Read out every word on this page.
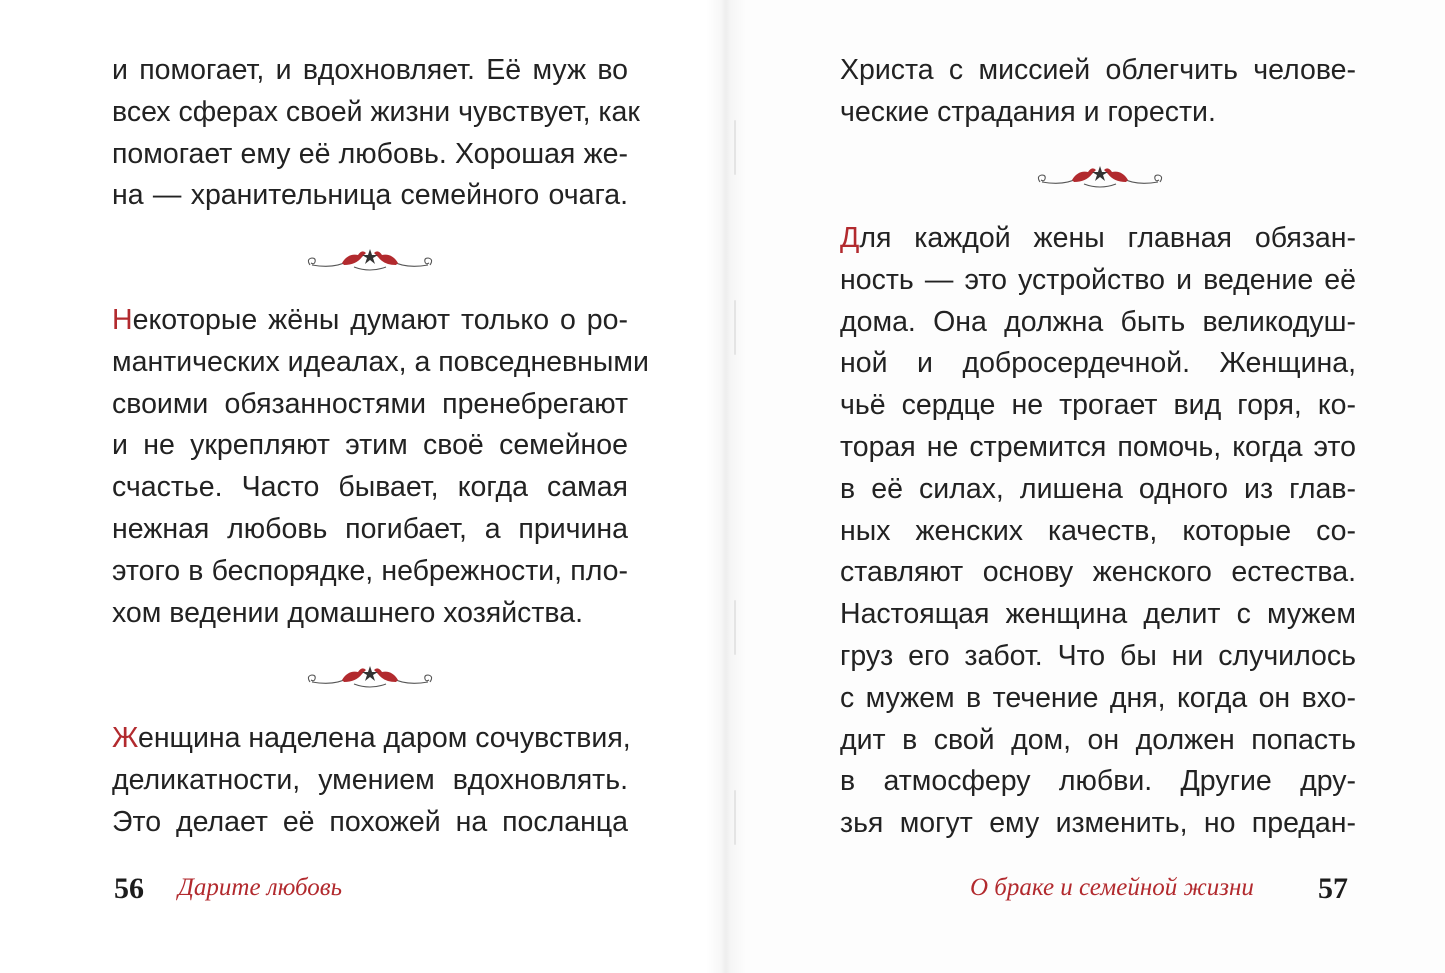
и помогает, и вдохновляет. Её муж во
всех сферах своей жизни чувствует, как
помогает ему её любовь. Хорошая же-
на — хранительница семейного очага.
Некоторые жёны думают только о ро-
мантических идеалах, а повседневными
своими обязанностями пренебрегают
и не укрепляют этим своё семейное
счастье. Часто бывает, когда самая
нежная любовь погибает, а причина
этого в беспорядке, небрежности, пло-
хом ведении домашнего хозяйства.
Женщина наделена даром сочувствия,
деликатности, умением вдохновлять.
Это делает её похожей на посланца
56 Дарите любовь
Христа с миссией облегчить челове-
ческие страдания и горести.
Для каждой жены главная обязан-
ность — это устройство и ведение её
дома. Она должна быть великодуш-
ной и добросердечной. Женщина,
чьё сердце не трогает вид горя, ко-
торая не стремится помочь, когда это
в её силах, лишена одного из глав-
ных женских качеств, которые со-
ставляют основу женского естества.
Настоящая женщина делит с мужем
груз его забот. Что бы ни случилось
с мужем в течение дня, когда он вхо-
дит в свой дом, он должен попасть
в атмосферу любви. Другие дру-
зья могут ему изменить, но предан-
О браке и семейной жизни 57
